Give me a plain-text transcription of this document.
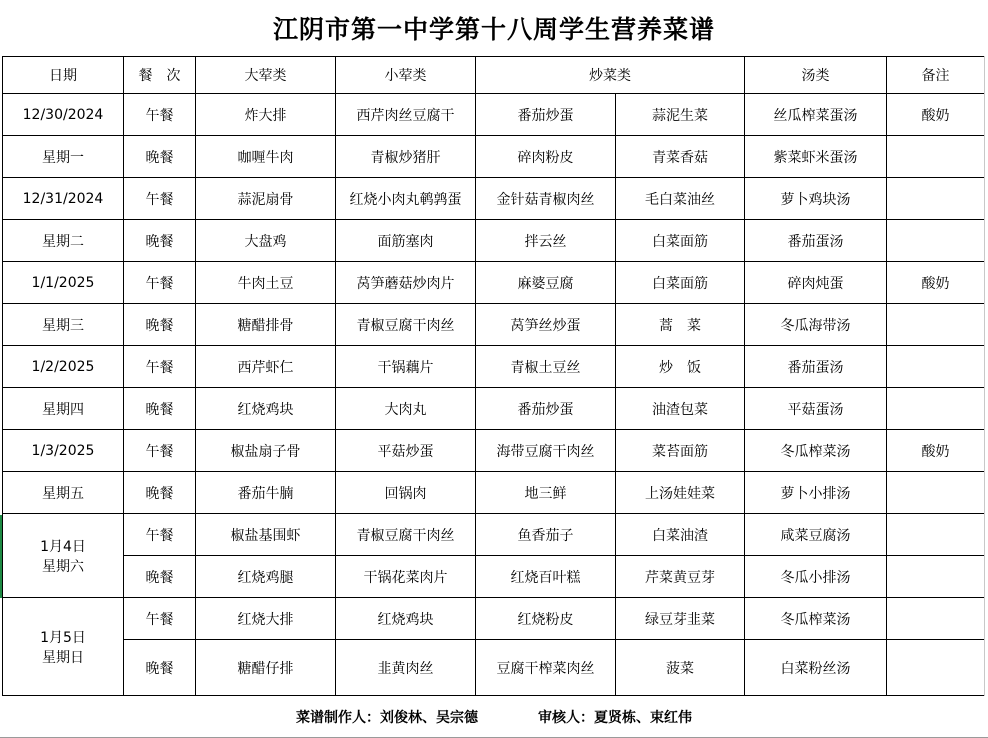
江阴市第一中学第十八周学生营养菜谱
日期	餐　次	大荤类	小荤类	炒菜类		汤类	备注
12/30/2024	午餐	炸大排	西芹肉丝豆腐干	番茄炒蛋	蒜泥生菜	丝瓜榨菜蛋汤	酸奶
星期一	晚餐	咖喱牛肉	青椒炒猪肝	碎肉粉皮	青菜香菇	紫菜虾米蛋汤	
12/31/2024	午餐	蒜泥扇骨	红烧小肉丸鹌鹑蛋	金针菇青椒肉丝	毛白菜油丝	萝卜鸡块汤	
星期二	晚餐	大盘鸡	面筋塞肉	拌云丝	白菜面筋	番茄蛋汤	
1/1/2025	午餐	牛肉土豆	莴笋蘑菇炒肉片	麻婆豆腐	白菜面筋	碎肉炖蛋	酸奶
星期三	晚餐	糖醋排骨	青椒豆腐干肉丝	莴笋丝炒蛋	蒿　菜	冬瓜海带汤	
1/2/2025	午餐	西芹虾仁	干锅藕片	青椒土豆丝	炒　饭	番茄蛋汤	
星期四	晚餐	红烧鸡块	大肉丸	番茄炒蛋	油渣包菜	平菇蛋汤	
1/3/2025	午餐	椒盐扇子骨	平菇炒蛋	海带豆腐干肉丝	菜苔面筋	冬瓜榨菜汤	酸奶
星期五	晚餐	番茄牛腩	回锅肉	地三鲜	上汤娃娃菜	萝卜小排汤	

1月4日
星期六	午餐	椒盐基围虾	青椒豆腐干肉丝	鱼香茄子	白菜油渣	咸菜豆腐汤	
	晚餐	红烧鸡腿	干锅花菜肉片	红烧百叶糕	芹菜黄豆芽	冬瓜小排汤	

1月5日
星期日	午餐	红烧大排	红烧鸡块	红烧粉皮	绿豆芽韭菜	冬瓜榨菜汤	
	晚餐	糖醋仔排	韭黄肉丝	豆腐干榨菜肉丝	菠菜	白菜粉丝汤	
菜谱制作人：刘俊林、吴宗德	审核人：夏贤栋、束红伟
